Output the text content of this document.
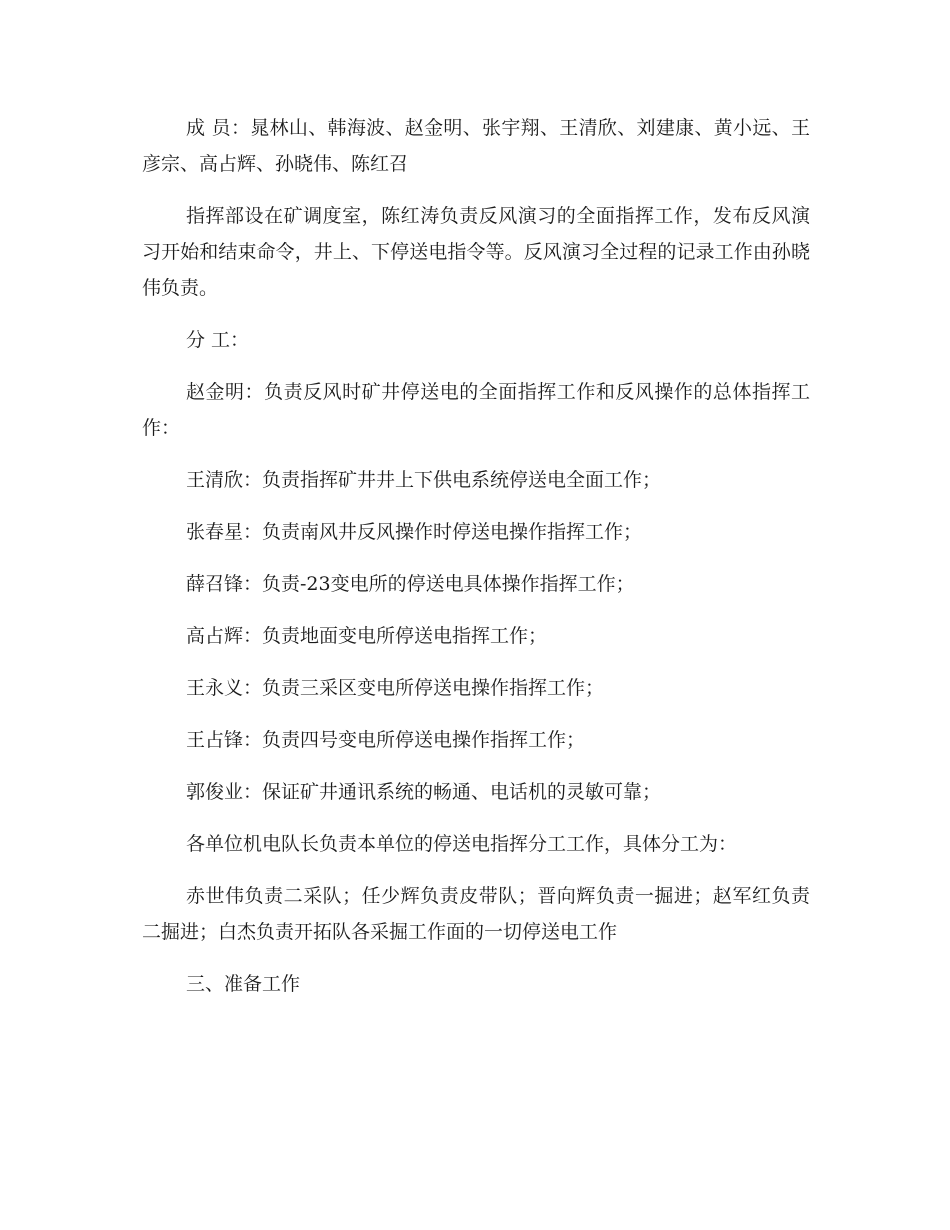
成 员：晁林山、韩海波、赵金明、张宇翔、王清欣、刘建康、黄小远、王彦宗、高占辉、孙晓伟、陈红召

指挥部设在矿调度室，陈红涛负责反风演习的全面指挥工作，发布反风演习开始和结束命令，井上、下停送电指令等。反风演习全过程的记录工作由孙晓伟负责。

分 工：

赵金明：负责反风时矿井停送电的全面指挥工作和反风操作的总体指挥工作：

王清欣：负责指挥矿井井上下供电系统停送电全面工作；

张春星：负责南风井反风操作时停送电操作指挥工作；

薛召锋：负责-23变电所的停送电具体操作指挥工作；

高占辉：负责地面变电所停送电指挥工作；

王永义：负责三采区变电所停送电操作指挥工作；

王占锋：负责四号变电所停送电操作指挥工作；

郭俊业：保证矿井通讯系统的畅通、电话机的灵敏可靠；

各单位机电队长负责本单位的停送电指挥分工工作，具体分工为：

赤世伟负责二采队；任少辉负责皮带队；晋向辉负责一掘进；赵军红负责二掘进；白杰负责开拓队各采掘工作面的一切停送电工作

三、准备工作
